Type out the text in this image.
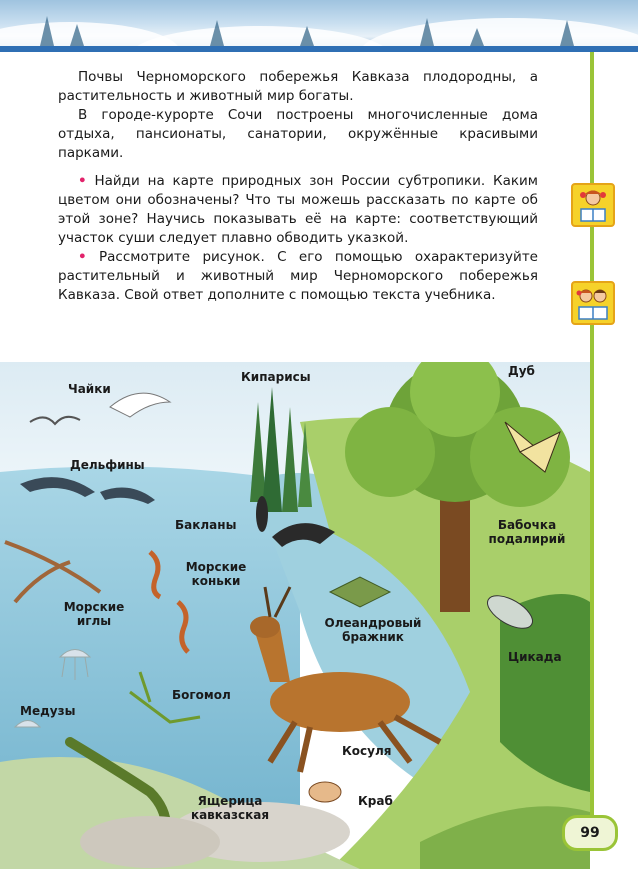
Почвы Черноморского побережья Кавказа плодородны, а растительность и животный мир богаты.

В городе-курорте Сочи построены многочисленные дома отдыха, пансионаты, санатории, окружённые красивыми парками.

• Найди на карте природных зон России субтропики. Каким цветом они обозначены? Что ты можешь рассказать по карте об этой зоне? Научись показывать её на карте: соответствующий участок суши следует плавно обводить указкой.

• Рассмотрите рисунок. С его помощью охарактеризуйте растительный и животный мир Черноморского побережья Кавказа. Свой ответ дополните с помощью текста учебника.

Чайки
Кипарисы	Дуб
Дельфины
Бакланы	Бабочка подалирий
Морские коньки
Морские иглы	Олеандровый бражник
Цикада
Богомол
Медузы
Косуля
Ящерица кавказская
Краб
99
